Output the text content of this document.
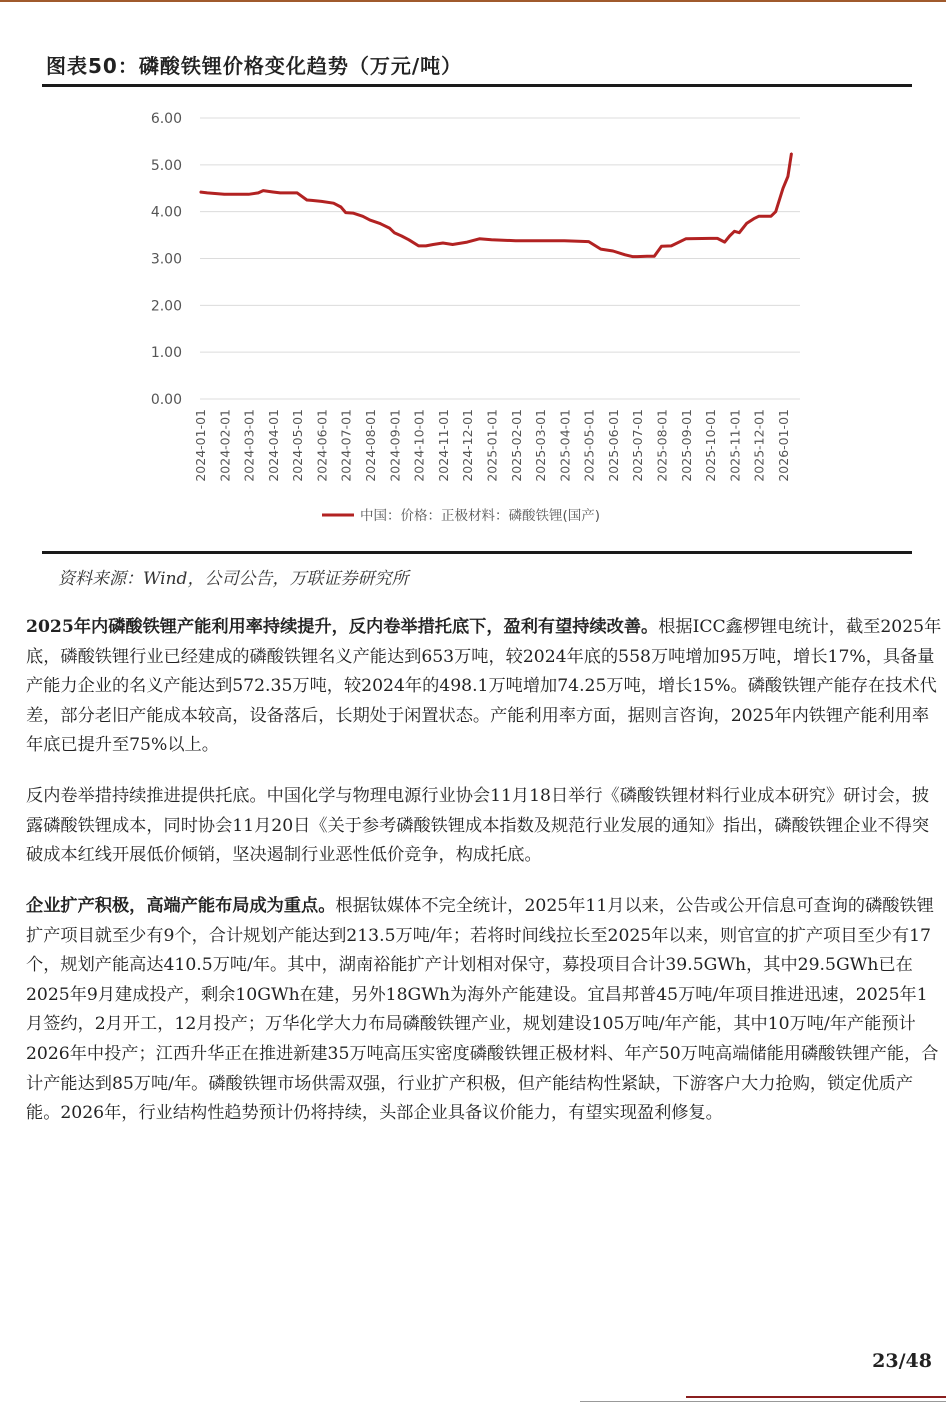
图表50：磷酸铁锂价格变化趋势（万元/吨）
0.00
1.00
2.00
3.00
4.00
5.00
6.00
2024-01-01 2024-02-01 2024-03-01 2024-04-01 2024-05-01 2024-06-01 2024-07-01 2024-08-01 2024-09-01 2024-10-01 2024-11-01 2024-12-01 2025-01-01 2025-02-01 2025-03-01 2025-04-01 2025-05-01 2025-06-01 2025-07-01 2025-08-01 2025-09-01 2025-10-01 2025-11-01 2025-12-01 2026-01-01
中国：价格：正极材料：磷酸铁锂(国产)
资料来源：Wind，公司公告，万联证券研究所

2025年内磷酸铁锂产能利用率持续提升，反内卷举措托底下，盈利有望持续改善。根据ICC鑫椤锂电统计，截至2025年底，磷酸铁锂行业已经建成的磷酸铁锂名义产能达到653万吨，较2024年底的558万吨增加95万吨，增长17%，具备量产能力企业的名义产能达到572.35万吨，较2024年的498.1万吨增加74.25万吨，增长15%。磷酸铁锂产能存在技术代差，部分老旧产能成本较高，设备落后，长期处于闲置状态。产能利用率方面，据则言咨询，2025年内铁锂产能利用率年底已提升至75%以上。

反内卷举措持续推进提供托底。中国化学与物理电源行业协会11月18日举行《磷酸铁锂材料行业成本研究》研讨会，披露磷酸铁锂成本，同时协会11月20日《关于参考磷酸铁锂成本指数及规范行业发展的通知》指出，磷酸铁锂企业不得突破成本红线开展低价倾销，坚决遏制行业恶性低价竞争，构成托底。

企业扩产积极，高端产能布局成为重点。根据钛媒体不完全统计，2025年11月以来，公告或公开信息可查询的磷酸铁锂扩产项目就至少有9个，合计规划产能达到213.5万吨/年；若将时间线拉长至2025年以来，则官宣的扩产项目至少有17个，规划产能高达410.5万吨/年。其中，湖南裕能扩产计划相对保守，募投项目合计39.5GWh，其中29.5GWh已在2025年9月建成投产，剩余10GWh在建，另外18GWh为海外产能建设。宜昌邦普45万吨/年项目推进迅速，2025年1月签约，2月开工，12月投产；万华化学大力布局磷酸铁锂产业，规划建设105万吨/年产能，其中10万吨/年产能预计2026年中投产；江西升华正在推进新建35万吨高压实密度磷酸铁锂正极材料、年产50万吨高端储能用磷酸铁锂产能，合计产能达到85万吨/年。磷酸铁锂市场供需双强，行业扩产积极，但产能结构性紧缺，下游客户大力抢购，锁定优质产能。2026年，行业结构性趋势预计仍将持续，头部企业具备议价能力，有望实现盈利修复。

23/48
